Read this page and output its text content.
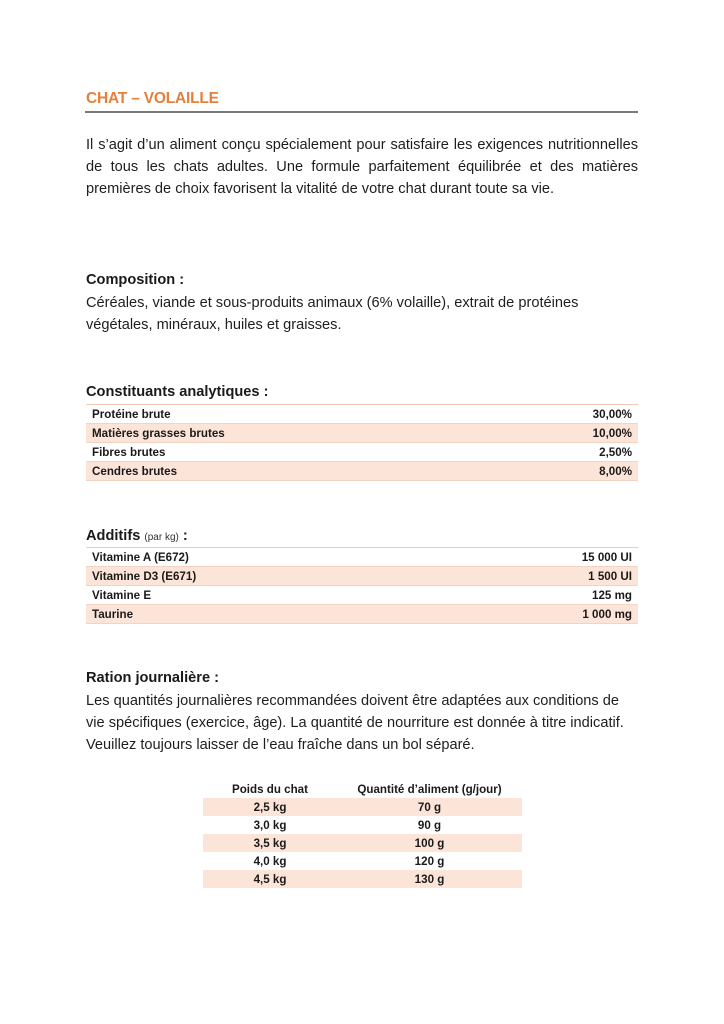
CHAT – VOLAILLE
Il s’agit d’un aliment conçu spécialement pour satisfaire les exigences nutritionnelles de tous les chats adultes. Une formule parfaitement équilibrée et des matières premières de choix favorisent la vitalité de votre chat durant toute sa vie.
Composition :
Céréales, viande et sous-produits animaux (6% volaille), extrait de protéines végétales, minéraux, huiles et graisses.
Constituants analytiques :
Protéine brute	30,00%
Matières grasses brutes	10,00%
Fibres brutes	2,50%
Cendres brutes	8,00%
Additifs (par kg) :
Vitamine A (E672)	15 000 UI
Vitamine D3 (E671)	1 500 UI
Vitamine E	125 mg
Taurine	1 000 mg
Ration journalière :
Les quantités journalières recommandées doivent être adaptées aux conditions de vie spécifiques (exercice, âge). La quantité de nourriture est donnée à titre indicatif. Veuillez toujours laisser de l’eau fraîche dans un bol séparé.
Poids du chat	Quantité d’aliment (g/jour)
2,5 kg	70 g
3,0 kg	90 g
3,5 kg	100 g
4,0 kg	120 g
4,5 kg	130 g
